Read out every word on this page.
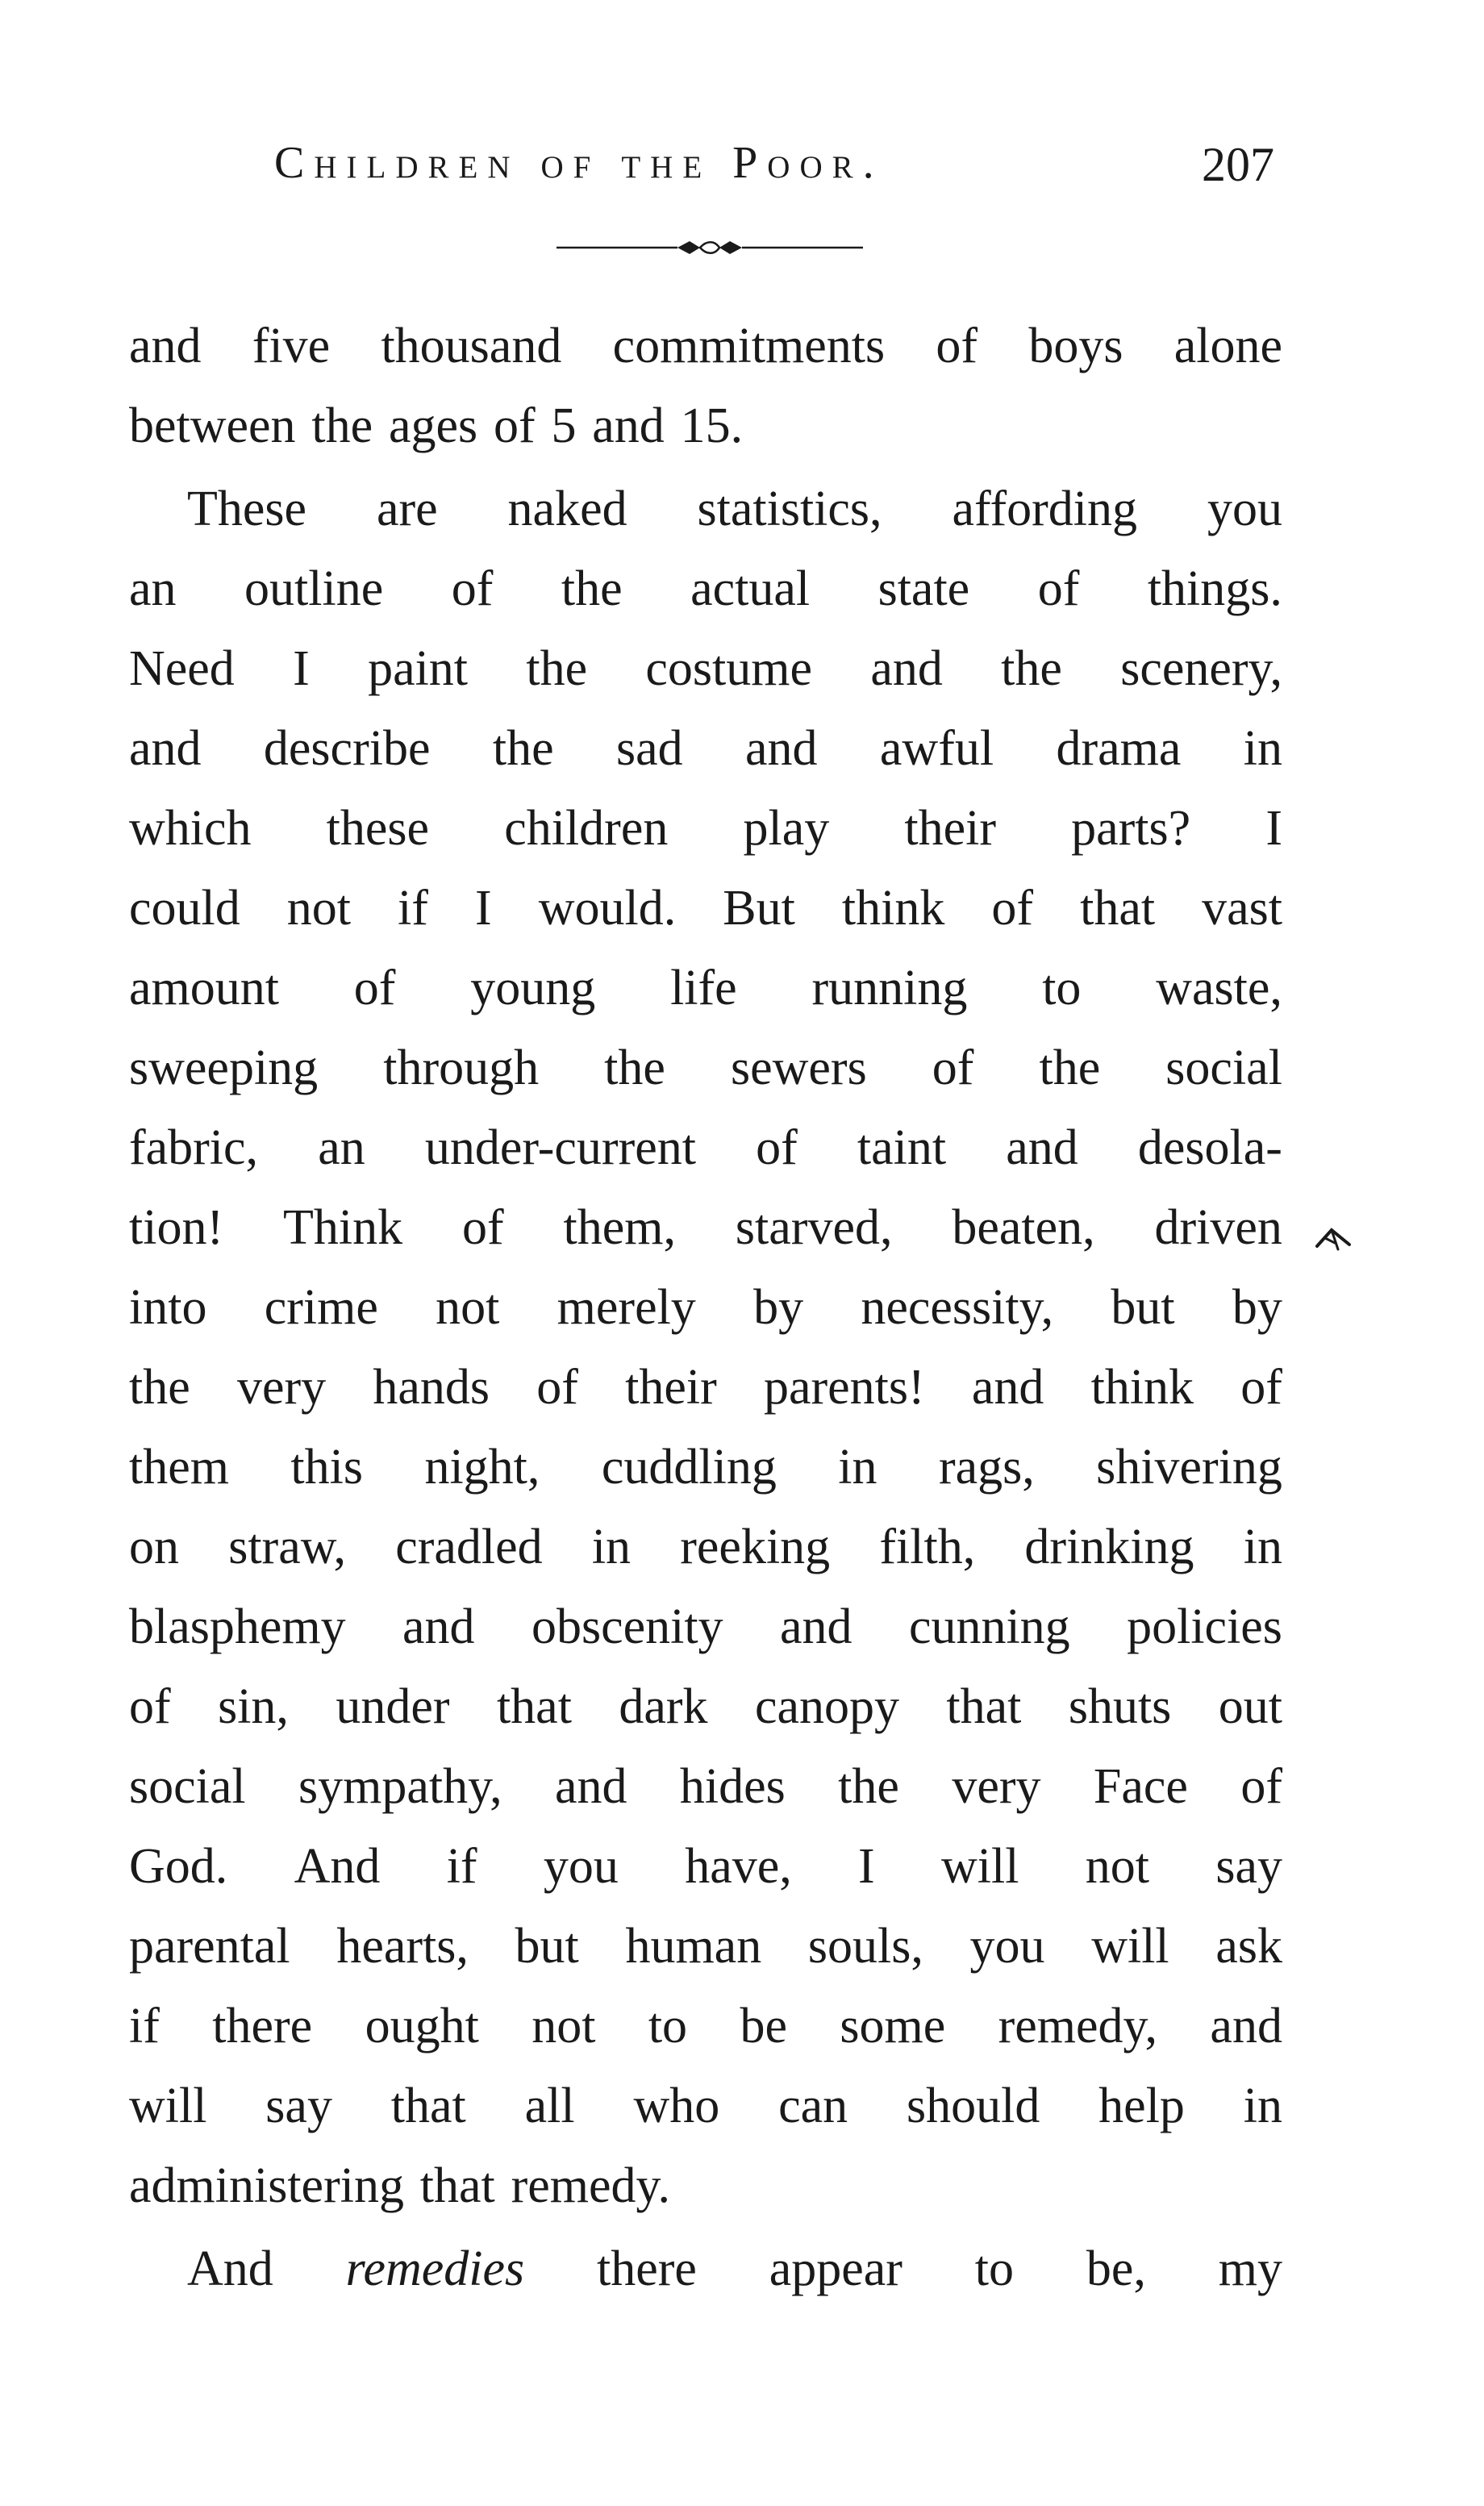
Children of the Poor.	207
and five thousand commitments of boys alone
between the ages of 5 and 15.
These are naked statistics, affording you
an outline of the actual state of things.
Need I paint the costume and the scenery,
and describe the sad and awful drama in
which these children play their parts? I
could not if I would. But think of that vast
amount of young life running to waste,
sweeping through the sewers of the social
fabric, an under-current of taint and desola-
tion! Think of them, starved, beaten, driven
into crime not merely by necessity, but by
the very hands of their parents! and think of
them this night, cuddling in rags, shivering
on straw, cradled in reeking filth, drinking in
blasphemy and obscenity and cunning policies
of sin, under that dark canopy that shuts out
social sympathy, and hides the very Face of
God. And if you have, I will not say
parental hearts, but human souls, you will ask
if there ought not to be some remedy, and
will say that all who can should help in
administering that remedy.
And remedies there appear to be, my
